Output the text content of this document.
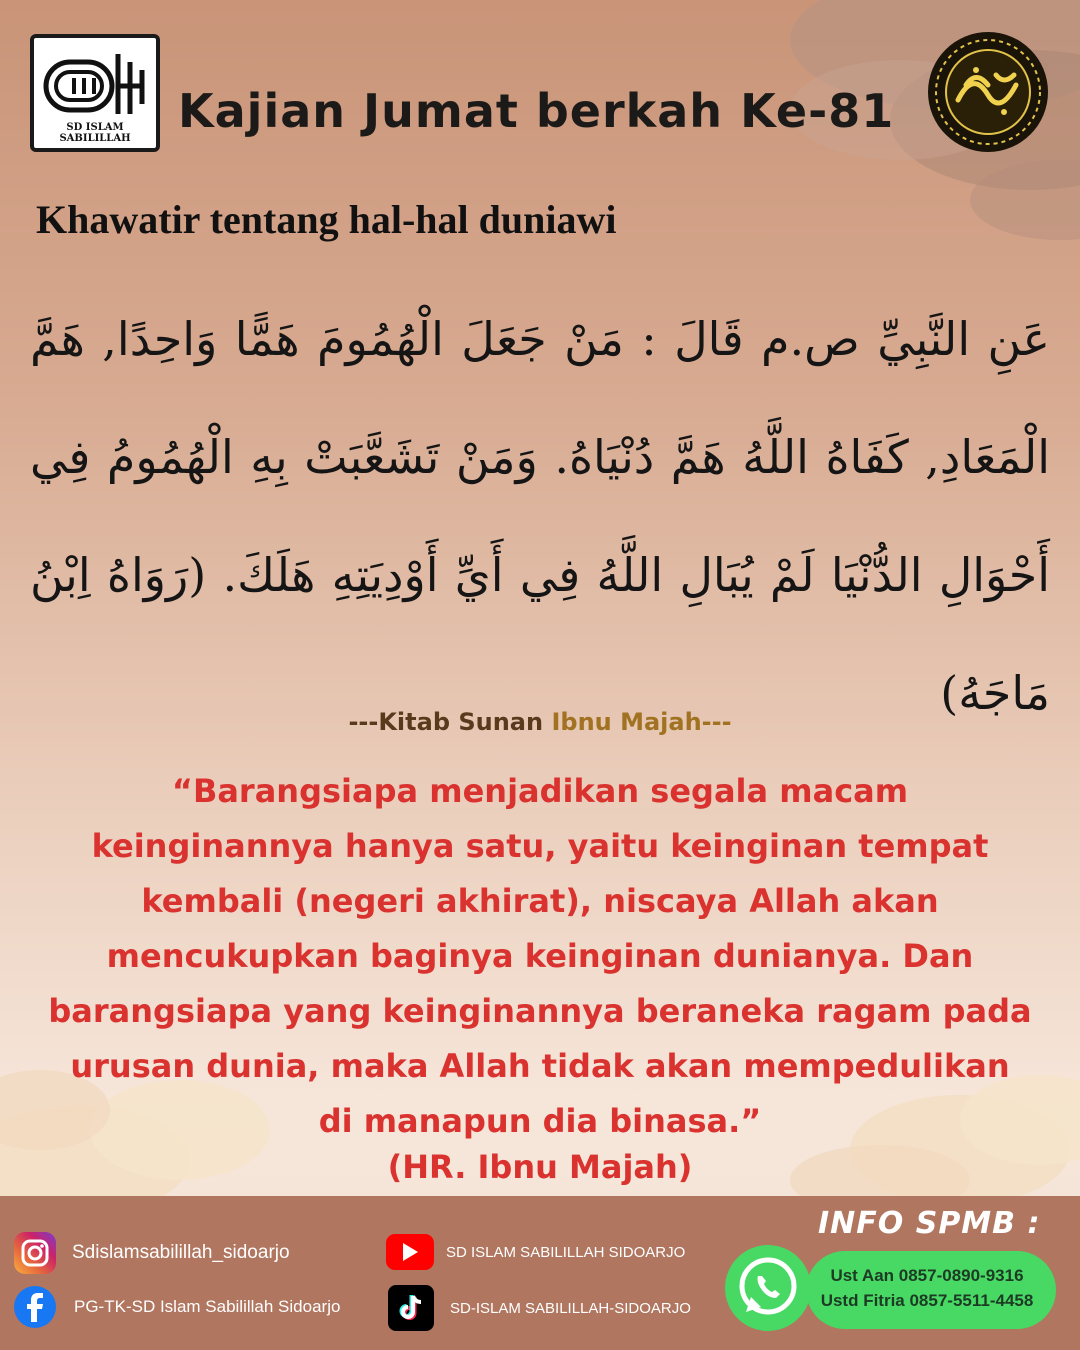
SD ISLAM SABILILLAH
Kajian Jumat berkah Ke-81
Khawatir tentang hal-hal duniawi
عَنِ النَّبِيِّ ص.م قَالَ : مَنْ جَعَلَ الْهُمُومَ هَمًّا وَاحِدًا, هَمَّ الْمَعَادِ, كَفَاهُ اللَّهُ هَمَّ دُنْيَاهُ. وَمَنْ تَشَعَّبَتْ بِهِ الْهُمُومُ فِي أَحْوَالِ الدُّنْيَا لَمْ يُبَالِ اللَّهُ فِي أَيِّ أَوْدِيَتِهِ هَلَكَ. (رَوَاهُ اِبْنُ مَاجَهُ)
---Kitab Sunan Ibnu Majah---
“Barangsiapa menjadikan segala macam
keinginannya hanya satu, yaitu keinginan tempat
kembali (negeri akhirat), niscaya Allah akan
mencukupkan baginya keinginan dunianya. Dan
barangsiapa yang keinginannya beraneka ragam pada
urusan dunia, maka Allah tidak akan mempedulikan
di manapun dia binasa.”
(HR. Ibnu Majah)
Sdislamsabilillah_sidoarjo
PG-TK-SD Islam Sabilillah Sidoarjo
SD ISLAM SABILILLAH SIDOARJO
SD-ISLAM SABILILLAH-SIDOARJO
INFO SPMB :
Ust Aan 0857-0890-9316
Ustd Fitria 0857-5511-4458
